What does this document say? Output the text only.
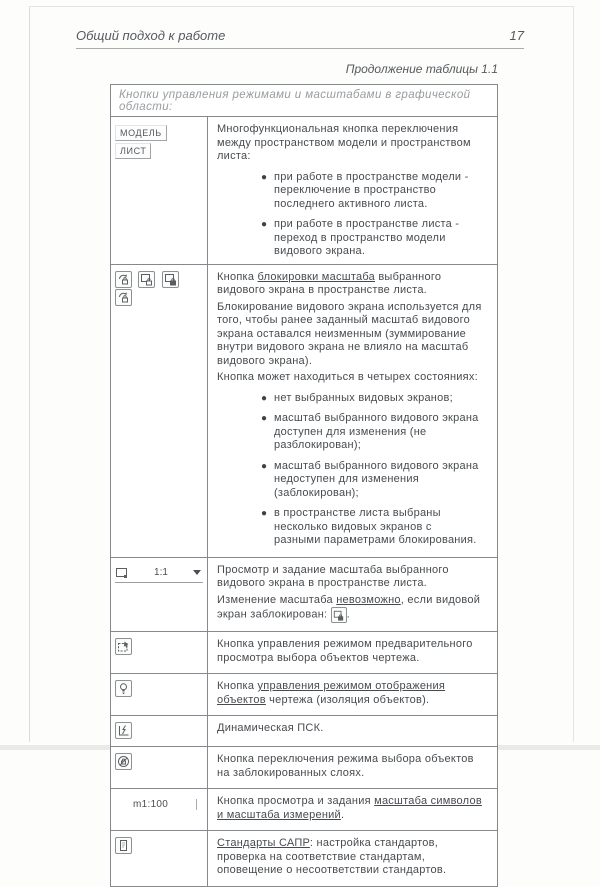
Общий подход к работе	17
Продолжение таблицы 1.1
Кнопки управления режимами и масштабами в графической области:
МОДЕЛЬЛИСТ

Многофункциональная кнопка переключения между пространством модели и пространством листа:

● при работе в пространстве модели - переключение в пространство последнего активного листа.
● при работе в пространстве листа - переход в пространство модели видового экрана.

Кнопка блокировки масштаба выбранного видового экрана в пространстве листа.

Блокирование видового экрана используется для того, чтобы ранее заданный масштаб видового экрана оставался неизменным (зуммирование внутри видового экрана не влияло на масштаб видового экрана).

Кнопка может находиться в четырех состояниях:

● нет выбранных видовых экранов;
● масштаб выбранного видового экрана доступен для изменения (не разблокирован);
● масштаб выбранного видового экрана недоступен для изменения (заблокирован);
● в пространстве листа выбраны несколько видовых экранов с разными параметрами блокирования.
1:1	Просмотр и задание масштаба выбранного видового экрана в пространстве листа.

Изменение масштаба невозможно, если видовой экран заблокирован:
.

Кнопка управления режимом предварительного просмотра выбора объектов чертежа.

Кнопка управления режимом отображения объектов чертежа (изоляция объектов).

Динамическая ПСК.

Кнопка переключения режима выбора объектов на заблокированных слоях.

m1:100	Кнопка просмотра и задания масштаба символов и масштаба измерений.

Стандарты САПР: настройка стандартов, проверка на соответствие стандартам, оповещение о несоответствии стандартов.
